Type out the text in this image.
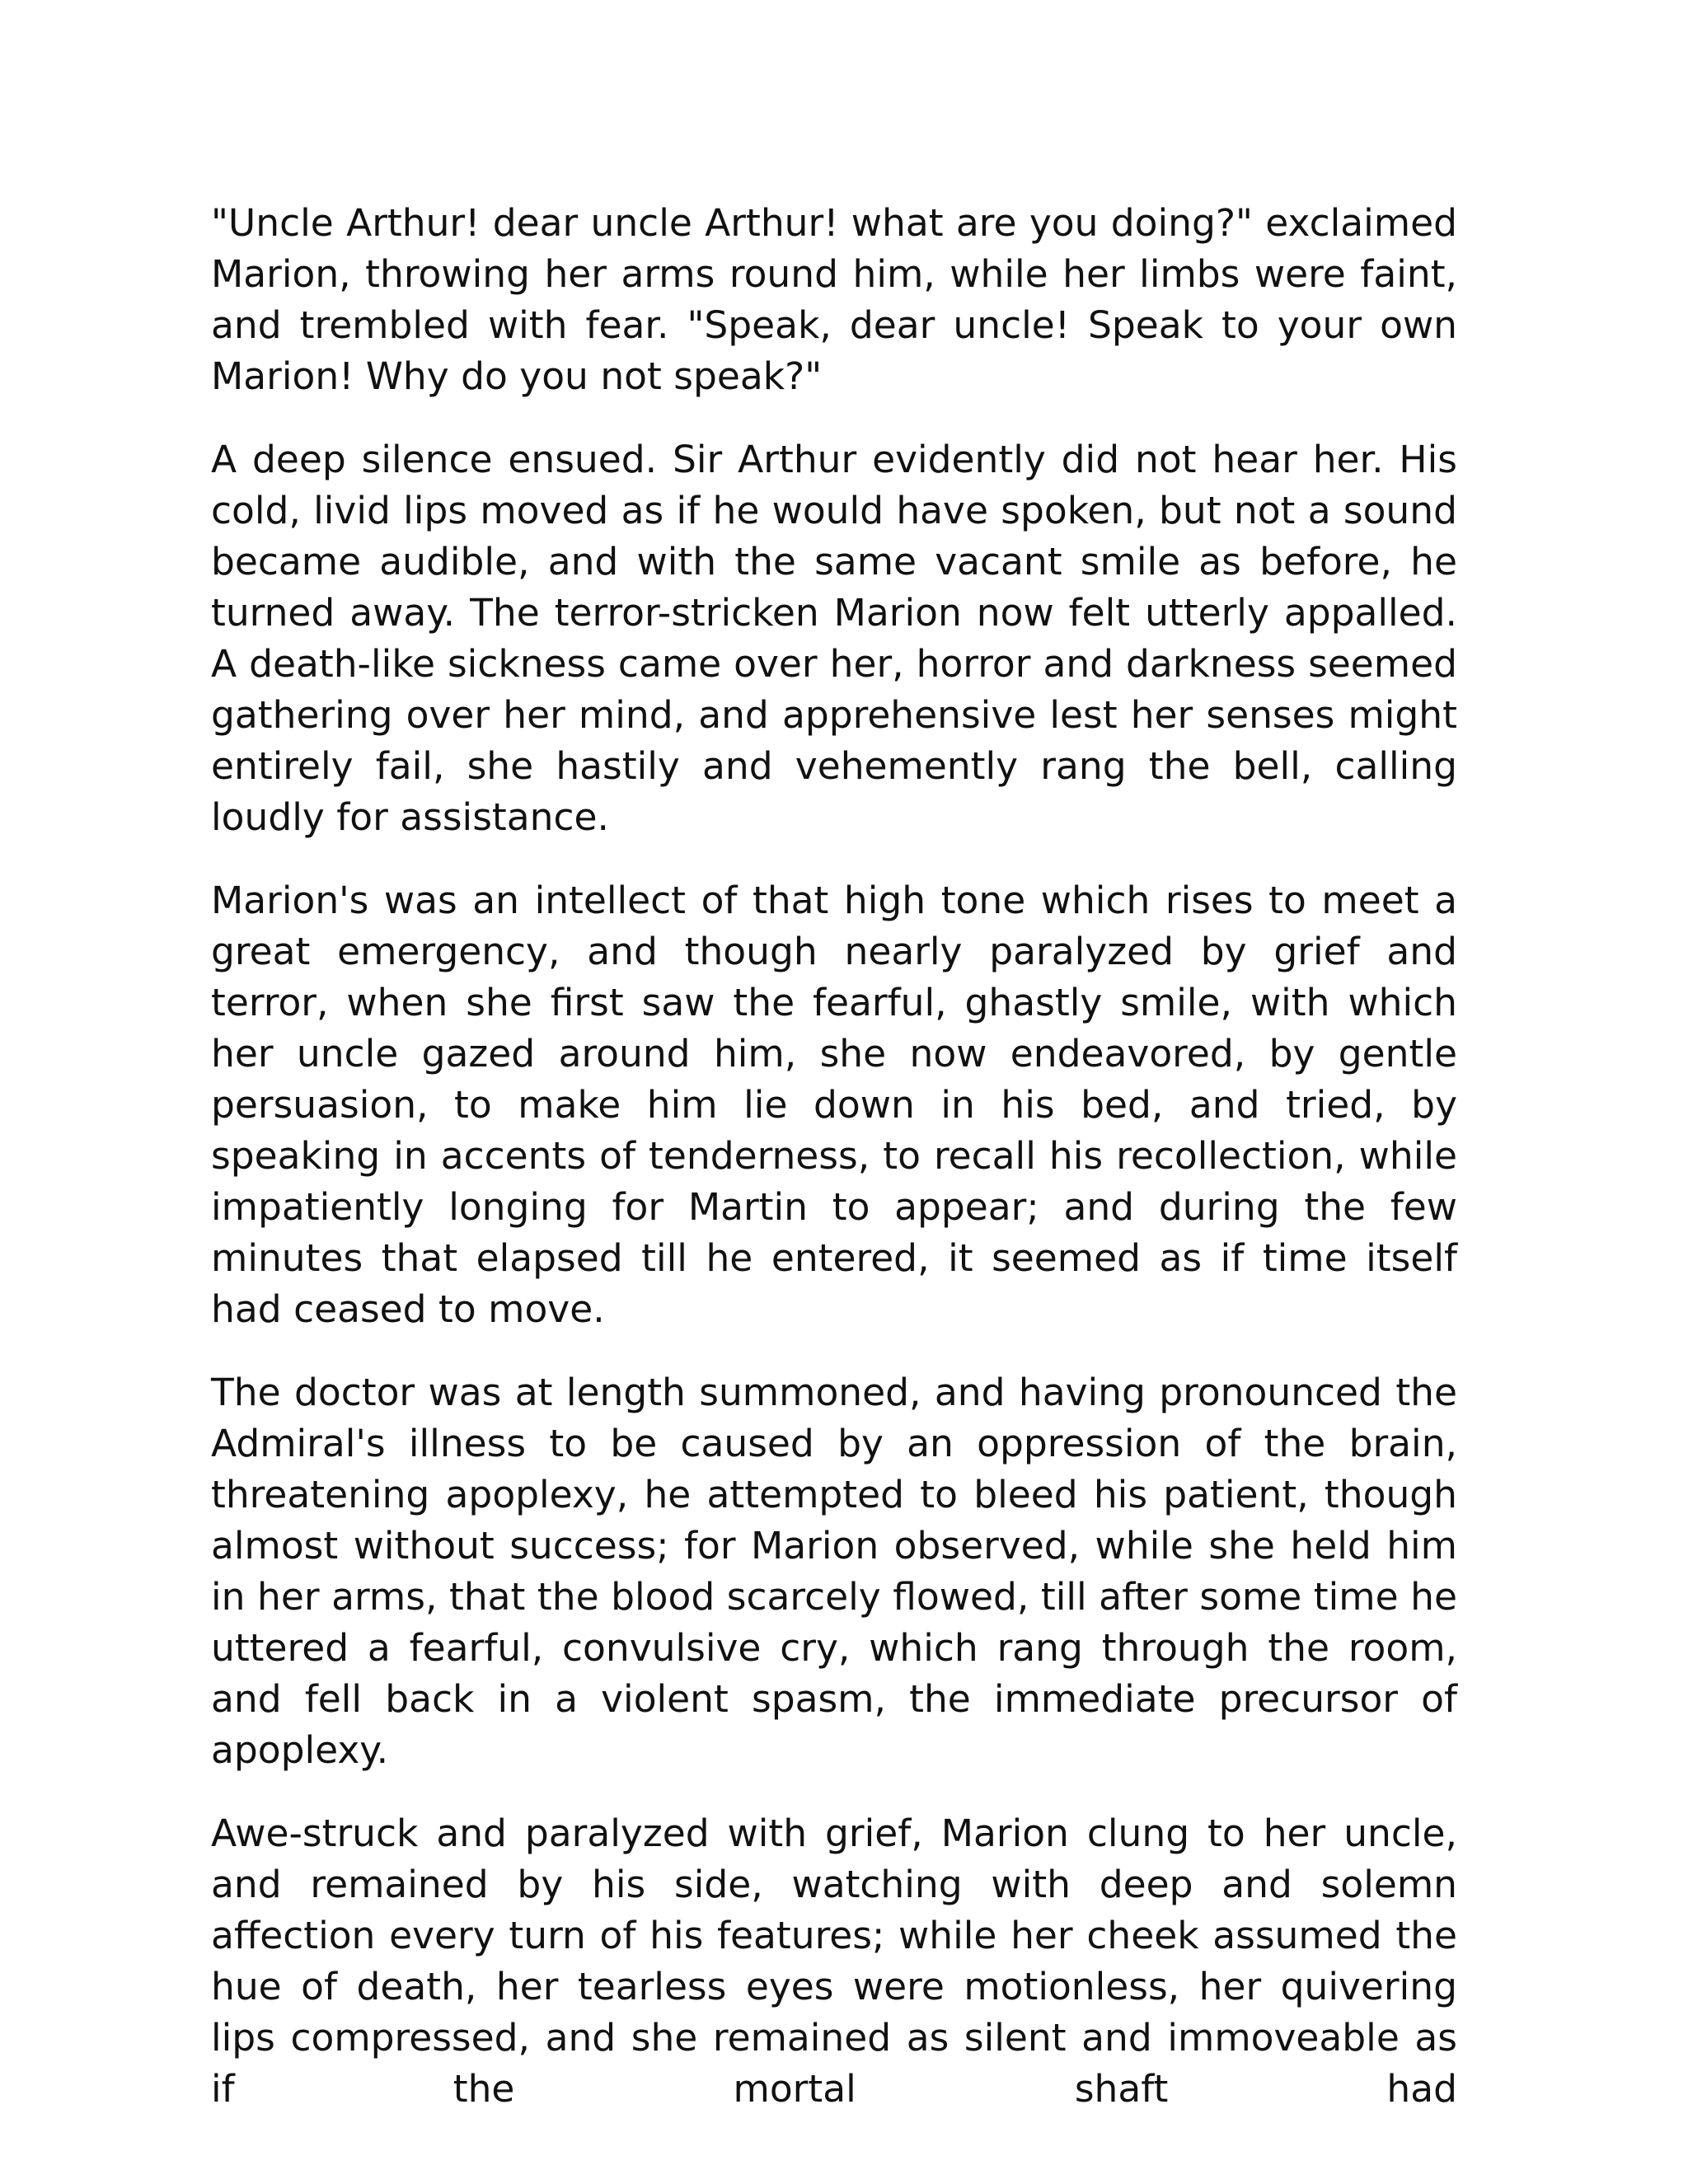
"Uncle Arthur! dear uncle Arthur! what are you doing?" exclaimed Marion, throwing her arms round him, while her limbs were faint, and trembled with fear. "Speak, dear uncle! Speak to your own Marion! Why do you not speak?"

A deep silence ensued. Sir Arthur evidently did not hear her. His cold, livid lips moved as if he would have spoken, but not a sound became audible, and with the same vacant smile as before, he turned away. The terror-stricken Marion now felt utterly appalled. A death-like sickness came over her, horror and darkness seemed gathering over her mind, and apprehensive lest her senses might entirely fail, she hastily and vehemently rang the bell, calling loudly for assistance.

Marion's was an intellect of that high tone which rises to meet a great emergency, and though nearly paralyzed by grief and terror, when she first saw the fearful, ghastly smile, with which her uncle gazed around him, she now endeavored, by gentle persuasion, to make him lie down in his bed, and tried, by speaking in accents of tenderness, to recall his recollection, while impatiently longing for Martin to appear; and during the few minutes that elapsed till he entered, it seemed as if time itself had ceased to move.

The doctor was at length summoned, and having pronounced the Admiral's illness to be caused by an oppression of the brain, threatening apoplexy, he attempted to bleed his patient, though almost without success; for Marion observed, while she held him in her arms, that the blood scarcely flowed, till after some time he uttered a fearful, convulsive cry, which rang through the room, and fell back in a violent spasm, the immediate precursor of apoplexy.

Awe-struck and paralyzed with grief, Marion clung to her uncle, and remained by his side, watching with deep and solemn affection every turn of his features; while her cheek assumed the hue of death, her tearless eyes were motionless, her quivering lips compressed, and she remained as silent and immoveable as if the mortal shaft had
